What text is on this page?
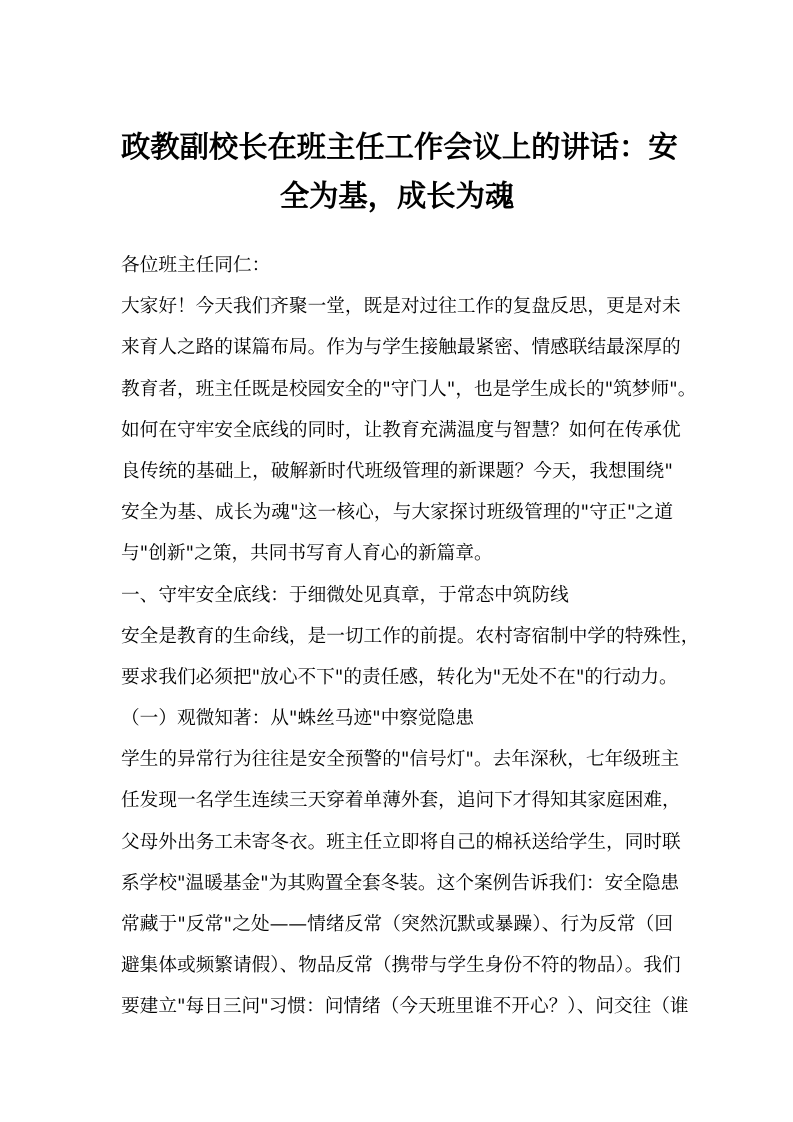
政教副校长在班主任工作会议上的讲话：安
全为基，成长为魂
各位班主任同仁：
大家好！今天我们齐聚一堂，既是对过往工作的复盘反思，更是对未
来育人之路的谋篇布局。作为与学生接触最紧密、情感联结最深厚的
教育者，班主任既是校园安全的"守门人"，也是学生成长的"筑梦师"。
如何在守牢安全底线的同时，让教育充满温度与智慧？如何在传承优
良传统的基础上，破解新时代班级管理的新课题？今天，我想围绕"
安全为基、成长为魂"这一核心，与大家探讨班级管理的"守正"之道
与"创新"之策，共同书写育人育心的新篇章。
一、守牢安全底线：于细微处见真章，于常态中筑防线
安全是教育的生命线，是一切工作的前提。农村寄宿制中学的特殊性，
要求我们必须把"放心不下"的责任感，转化为"无处不在"的行动力。
（一）观微知著：从"蛛丝马迹"中察觉隐患
学生的异常行为往往是安全预警的"信号灯"。去年深秋，七年级班主
任发现一名学生连续三天穿着单薄外套，追问下才得知其家庭困难，
父母外出务工未寄冬衣。班主任立即将自己的棉袄送给学生，同时联
系学校"温暖基金"为其购置全套冬装。这个案例告诉我们：安全隐患
常藏于"反常"之处——情绪反常（突然沉默或暴躁）、行为反常（回
避集体或频繁请假）、物品反常（携带与学生身份不符的物品）。我们
要建立"每日三问"习惯：问情绪（今天班里谁不开心？）、问交往（谁
